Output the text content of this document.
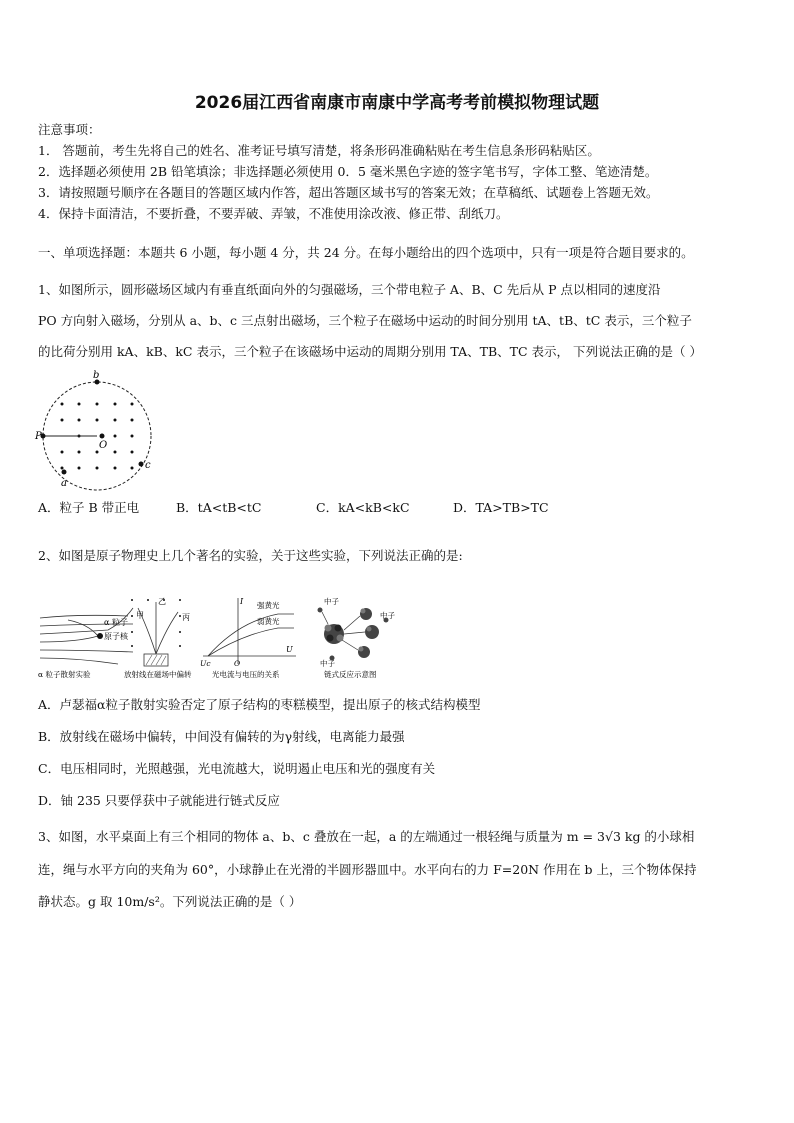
2026届江西省南康市南康中学高考考前模拟物理试题
注意事项：
1． 答题前，考生先将自己的姓名、准考证号填写清楚，将条形码准确粘贴在考生信息条形码粘贴区。
2．选择题必须使用 2B 铅笔填涂；非选择题必须使用 0．5 毫米黑色字迹的签字笔书写，字体工整、笔迹清楚。
3．请按照题号顺序在各题目的答题区域内作答，超出答题区域书写的答案无效；在草稿纸、试题卷上答题无效。
4．保持卡面清洁，不要折叠，不要弄破、弄皱，不准使用涂改液、修正带、刮纸刀。
一、单项选择题：本题共 6 小题，每小题 4 分，共 24 分。在每小题给出的四个选项中，只有一项是符合题目要求的。
1、如图所示，圆形磁场区域内有垂直纸面向外的匀强磁场，三个带电粒子 A、B、C 先后从 P 点以相同的速度沿
PO 方向射入磁场，分别从 a、b、c 三点射出磁场，三个粒子在磁场中运动的时间分别用 tA、tB、tC 表示，三个粒子
的比荷分别用 kA、kB、kC 表示，三个粒子在该磁场中运动的周期分别用 TA、TB、TC 表示， 下列说法正确的是（ ）
b
P
O
c
a
A．粒子 B 带正电	B．tA<tB<tC	C．kA<kB<kC	D．TA>TB>TC
2、如图是原子物理史上几个著名的实验，关于这些实验，下列说法正确的是:
α 粒子
原子核
α 粒子散射实验
甲
乙
丙
放射线在磁场中偏转
I 强黄光
弱黄光
U
Uc	O
光电流与电压的关系
中子
中子
中子
链式反应示意图
A．卢瑟福α粒子散射实验否定了原子结构的枣糕模型，提出原子的核式结构模型
B．放射线在磁场中偏转，中间没有偏转的为γ射线，电离能力最强
C．电压相同时，光照越强，光电流越大，说明遏止电压和光的强度有关
D．铀 235 只要俘获中子就能进行链式反应
3、如图，水平桌面上有三个相同的物体 a、b、c 叠放在一起，a 的左端通过一根轻绳与质量为 m = 3√3 kg 的小球相
连，绳与水平方向的夹角为 60°，小球静止在光滑的半圆形器皿中。水平向右的力 F=20N 作用在 b 上，三个物体保持
静状态。g 取 10m/s²。下列说法正确的是（ ）
